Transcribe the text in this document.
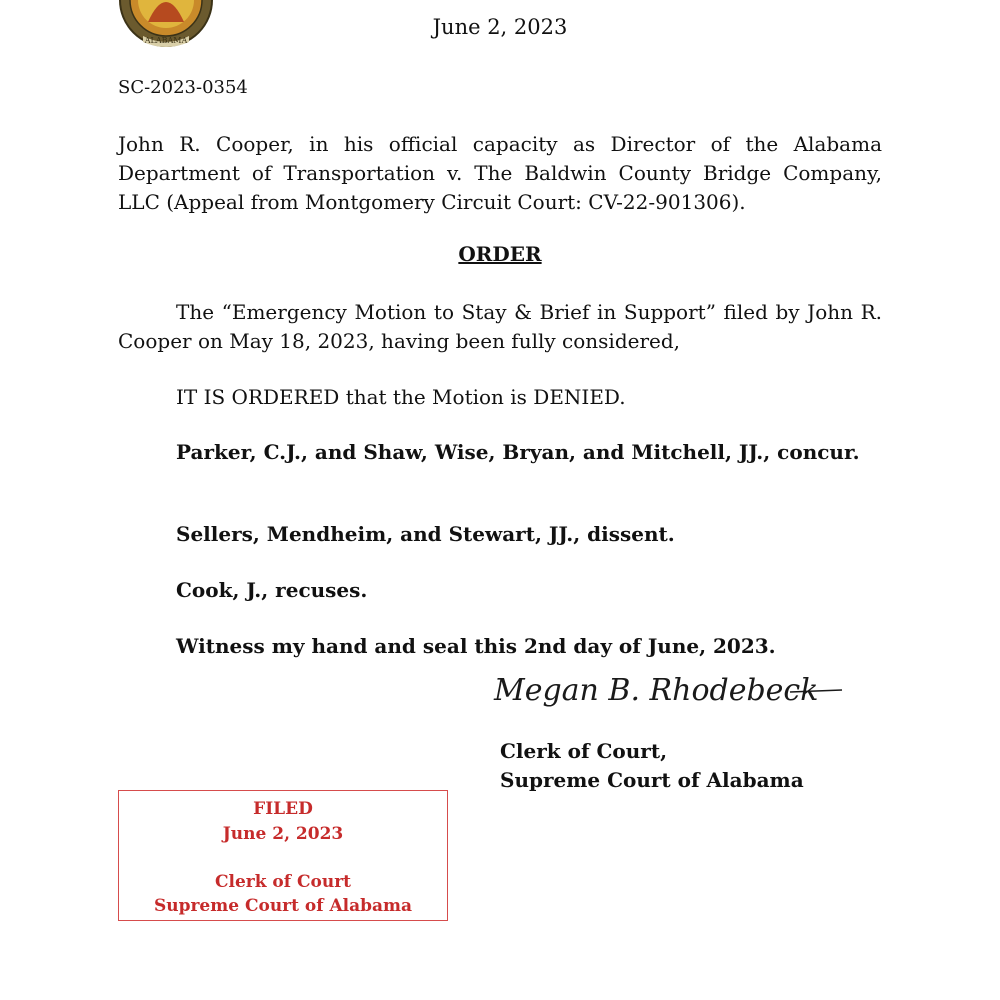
ALABAMA
June 2, 2023
SC-2023-0354
John R. Cooper, in his official capacity as Director of the Alabama Department of Transportation v. The Baldwin County Bridge Company, LLC (Appeal from Montgomery Circuit Court: CV-22-901306).
ORDER
The “Emergency Motion to Stay & Brief in Support” filed by John R. Cooper on May 18, 2023, having been fully considered,
IT IS ORDERED that the Motion is DENIED.
Parker, C.J., and Shaw, Wise, Bryan, and Mitchell, JJ., concur.
Sellers, Mendheim, and Stewart, JJ., dissent.
Cook, J., recuses.
Witness my hand and seal this 2nd day of June, 2023.
Megan B. Rhodebeck
Clerk of Court,
Supreme Court of Alabama
FILED
June 2, 2023
Clerk of Court
Supreme Court of Alabama
